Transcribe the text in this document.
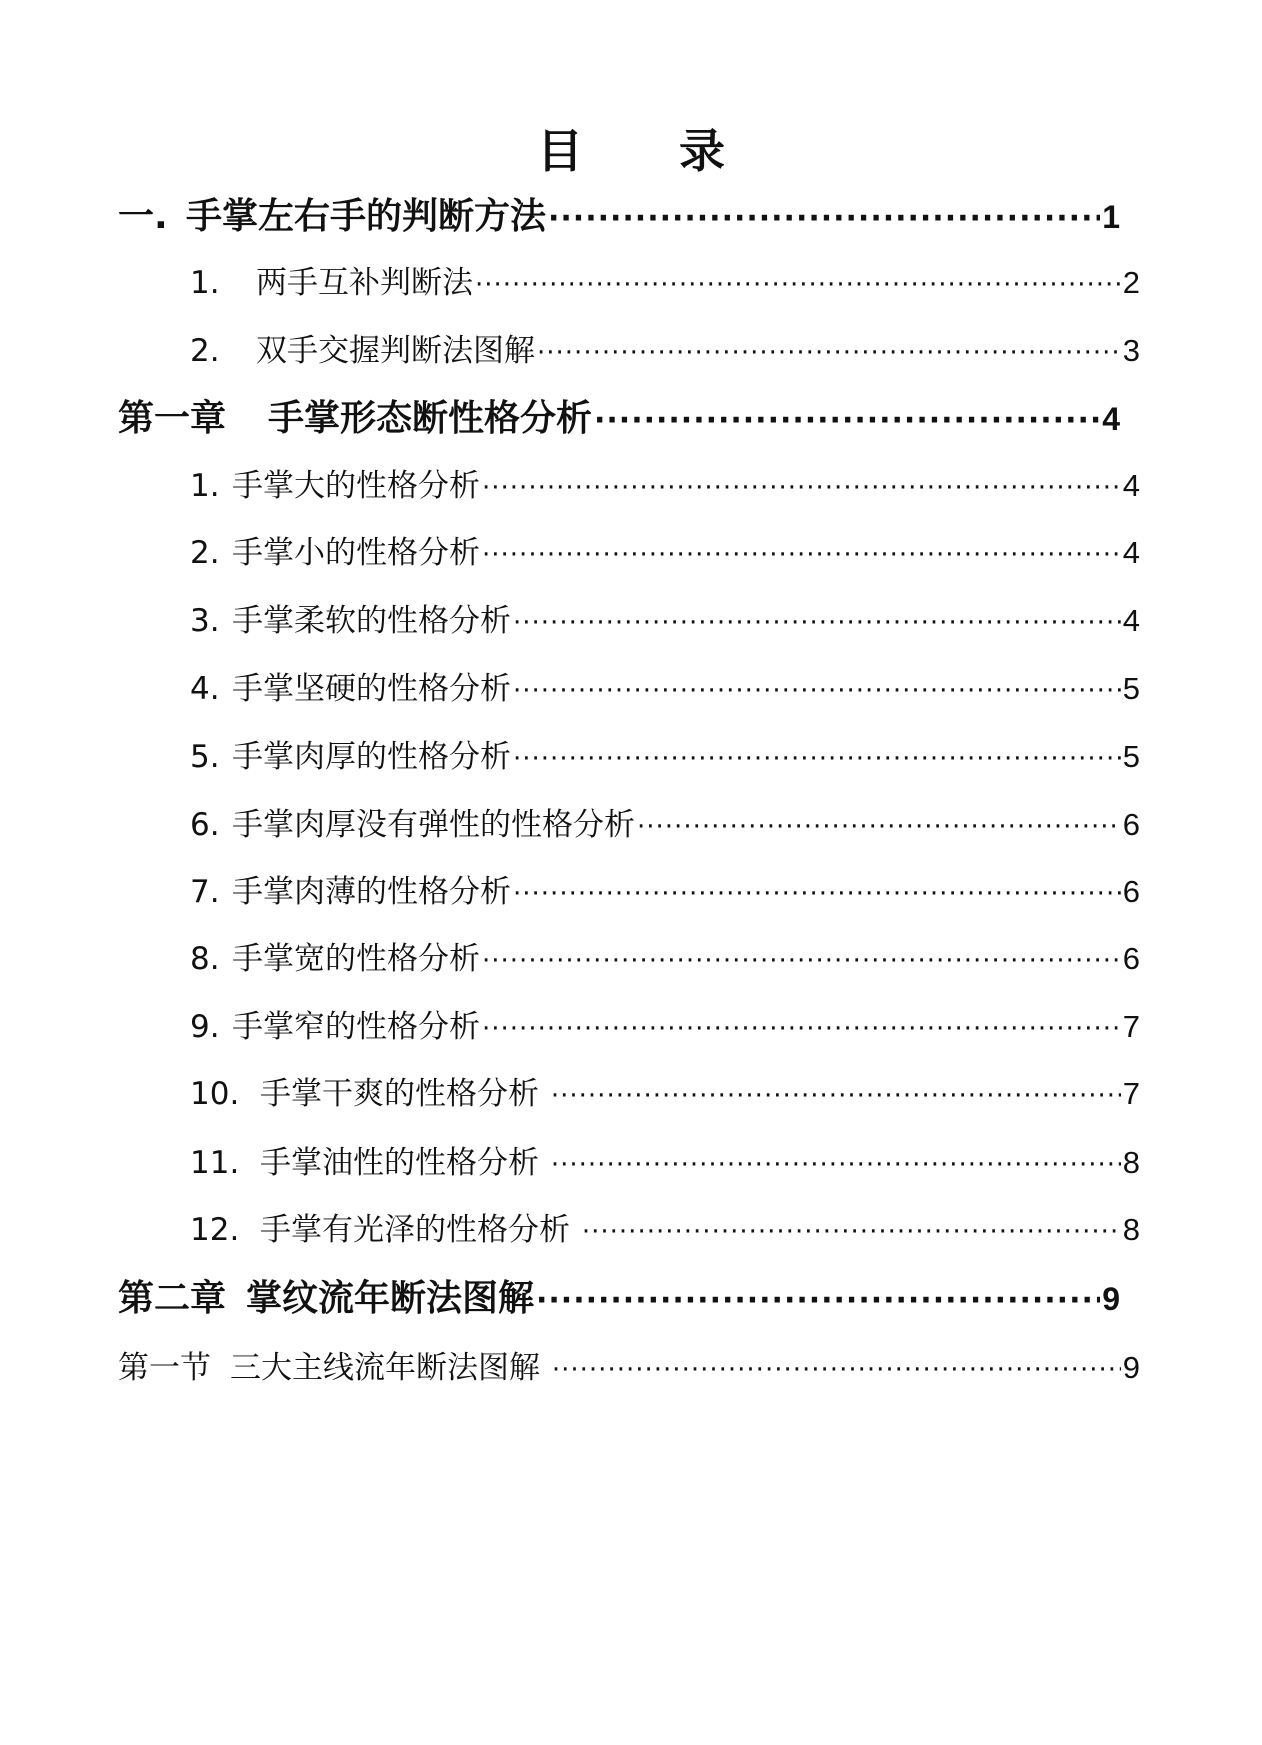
目 录
一. 手掌左右手的判断方法 ·····	1
1. 两手互补判断法 ·····	2
2. 双手交握判断法图解 ·····	3
第一章 手掌形态断性格分析 ·····	4
1. 手掌大的性格分析 ·····	4
2. 手掌小的性格分析 ·····	4
3. 手掌柔软的性格分析 ·····	4
4. 手掌坚硬的性格分析 ·····	5
5. 手掌肉厚的性格分析 ·····	5
6. 手掌肉厚没有弹性的性格分析 ·····	6
7. 手掌肉薄的性格分析 ·····	6
8. 手掌宽的性格分析 ·····	6
9. 手掌窄的性格分析 ·····	7
10. 手掌干爽的性格分析 ·····	7
11. 手掌油性的性格分析 ·····	8
12. 手掌有光泽的性格分析 ·····	8
第二章 掌纹流年断法图解 ·····	9
第一节 三大主线流年断法图解 ·····	9
